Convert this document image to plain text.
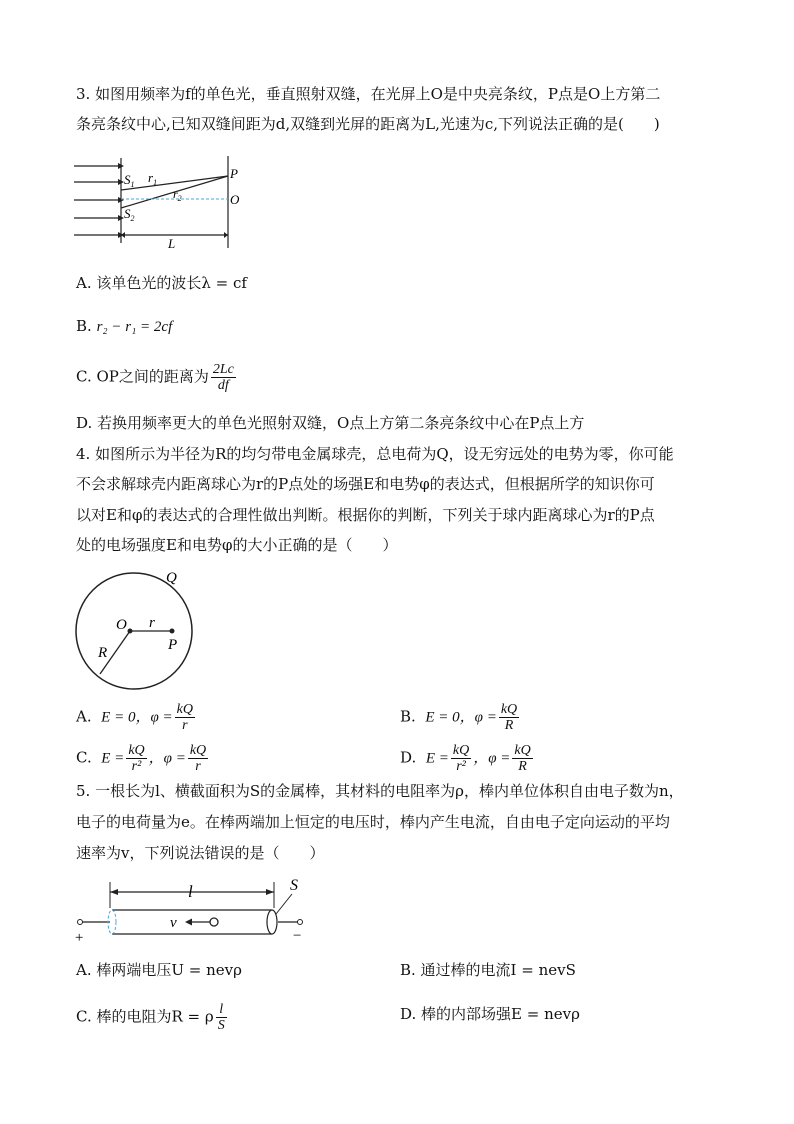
3. 如图用频率为f的单色光，垂直照射双缝，在光屏上O是中央亮条纹，P点是O上方第二
条亮条纹中心,已知双缝间距为d,双缝到光屏的距离为L,光速为c,下列说法正确的是(　　)
$S_1$ $r_1$
$r_2$
$S_2$
P
O
L
A. 该单色光的波长λ = cf
B. r₂ − r₁ = 2cf
C. OP之间的距离为 $\frac{2Lc}{df}$
D. 若换用频率更大的单色光照射双缝，O点上方第二条亮条纹中心在P点上方
4. 如图所示为半径为R的均匀带电金属球壳，总电荷为Q，设无穷远处的电势为零，你可能
不会求解球壳内距离球心为r的P点处的场强E和电势φ的表达式，但根据所学的知识你可
以对E和φ的表达式的合理性做出判断。根据你的判断，下列关于球内距离球心为r的P点
处的电场强度E和电势φ的大小正确的是（　　）
Q
O r
P
R
A. E = 0，$\varphi = \frac{kQ}{r}$	B. E = 0，$\varphi = \frac{kQ}{R}$
C. $E = \frac{kQ}{\text{r²}}$ ，$\varphi = \frac{kQ}{r}$	D. $E = \frac{kQ}{\text{r²}}$ ，$\varphi = \frac{kQ}{R}$
5. 一根长为l、横截面积为S的金属棒，其材料的电阻率为ρ，棒内单位体积自由电子数为n，
电子的电荷量为e。在棒两端加上恒定的电压时，棒内产生电流，自由电子定向运动的平均
速率为v，下列说法错误的是（　　）
l	S
v
+	−
A. 棒两端电压U = nevρ	B. 通过棒的电流I = nevS
C. 棒的电阻为R = ρ $\frac{l}{S}$	D. 棒的内部场强E = nevρ
